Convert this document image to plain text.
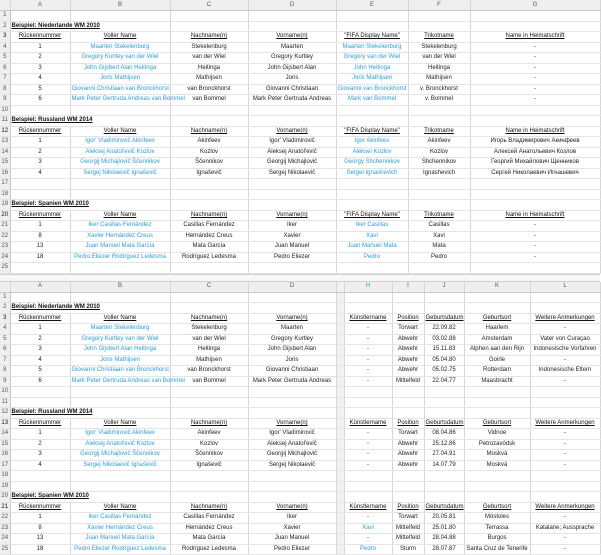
	A	B	C	D	E	F	G
1							
2	Beispiel: Niederlande WM 2010						
3	Rückennummer	Voller Name	Nachname(n)	Vorname(n)	"FIFA Display Name"	Trikotname	Name in Heimatschrift
4	1	Maarten Stekelenburg	Stekelenburg	Maarten	Maarten Stekelenburg	Stekelenburg	-
5	2	Gregory Kurtley van der Wiel	van der Wiel	Gregory Kurtley	Gregory van der Wiel	van der Wiel	-
6	3	John Gijsbert Alan Heitinga	Heitinga	John Gijsbert Alan	John Heitinga	Heitinga	-
7	4	Joris Mathijsen	Mathijsen	Joris	Joris Mathijsen	Mathijsen	-
8	5	Giovanni Christiaan van Bronckhorst	van Bronckhorst	Giovanni Christiaan	Giovanni van Bronckhorst	v. Bronckhorst	-
9	6	Mark Peter Gertruda Andreas van Bommel	van Bommel	Mark Peter Gertruda Andreas	Mark van Bommel	v. Bommel	-
10							
11	Beispiel: Russland WM 2014						
12	Rückennummer	Voller Name	Nachname(n)	Vorname(n)	"FIFA Display Name"	Trikotname	Name in Heimatschrift
13	1	Igor' Vladimirovič Akinfeev	Akinfeev	Igor' Vladimirovič	Igor Akinfeev	Akinfeev	Игорь Владимирович Акинфеев
14	2	Aleksej Anatol'evič Kozlov	Kozlov	Aleksej Anatol'evič	Aleksei Kozlov	Kozlov	Алексей Анатольевич Козлов
15	3	Georgij Michajlovič Ščennikov	Ščennikov	Georgij Michajlovič	Georgy Shchennikov	Shchennikov	Георгий Михайлович Щенников
16	4	Sergej Nikolaevič Ignaševič	Ignaševič	Sergej Nikolaevič	Sergei Ignashevich	Ignashevich	Сергей Николаевич Игнашевич
17							
18							
19	Beispiel: Spanien WM 2010						
20	Rückennummer	Voller Name	Nachname(n)	Vorname(n)	"FIFA Display Name"	Trikotname	Name in Heimatschrift
21	1	Iker Casillas Fernández	Casillas Fernández	Iker	Iker Casillas	Casillas	-
22	8	Xavier Hernández Creus	Hernández Creus	Xavier	Xavi	Xavi	-
23	13	Juan Manuel Mata García	Mata García	Juan Manuel	Juan Manuel Mata	Mata	-
24	18	Pedro Eliezer Rodríguez Ledesma	Rodríguez Ledesma	Pedro Eliezer	Pedro	Pedro	-
25							
	A	B	C	D		H	I	J	K	L
1										
2	Beispiel: Niederlande WM 2010									
3	Rückennummer	Voller Name	Nachname(n)	Vorname(n)		Künstlername	Position	Geburtsdatum	Geburtsort	Weitere Anmerkungen
4	1	Maarten Stekelenburg	Stekelenburg	Maarten		-	Torwart	22.09.82	Haarlem	-
5	2	Gregory Kurtley van der Wiel	van der Wiel	Gregory Kurtley		-	Abwehr	03.02.88	Amsterdam	Vater von Curaçao
6	3	John Gijsbert Alan Heitinga	Heitinga	John Gijsbert Alan		-	Abwehr	15.11.83	Alphen aan den Rijn	Indonesische Vorfahren
7	4	Joris Mathijsen	Mathijsen	Joris		-	Abwehr	05.04.80	Goirle	-
8	5	Giovanni Christiaan van Bronckhorst	van Bronckhorst	Giovanni Christiaan		-	Abwehr	05.02.75	Rotterdam	Indonesische Eltern
9	6	Mark Peter Gertruda Andreas van Bommel	van Bommel	Mark Peter Gertruda Andreas		-	Mittelfeld	22.04.77	Maasbracht	-
10										
11										
12	Beispiel: Russland WM 2014									
13	Rückennummer	Voller Name	Nachname(n)	Vorname(n)		Künstlername	Position	Geburtsdatum	Geburtsort	Weitere Anmerkungen
14	1	Igor' Vladimirovič Akinfeev	Akinfeev	Igor' Vladimirovič		-	Torwart	08.04.86	Vidnoe	-
15	2	Aleksej Anatol'evič Kozlov	Kozlov	Aleksej Anatol'evič		-	Abwehr	25.12.86	Petrozavódsk	-
16	3	Georgij Michajlovič Ščennikov	Ščennikov	Georgij Michajlovič		-	Abwehr	27.04.91	Moskvá	-
17	4	Sergej Nikolaevič Ignaševič	Ignaševič	Sergej Nikolaevič		-	Abwehr	14.07.79	Moskvá	-
18										
19										
20	Beispiel: Spanien WM 2010									
21	Rückennummer	Voller Name	Nachname(n)	Vorname(n)		Künstlername	Position	Geburtsdatum	Geburtsort	Weitere Anmerkungen
22	1	Iker Casillas Fernández	Casillas Fernández	Iker		-	Torwart	20.05.81	Móstoles	-
23	8	Xavier Hernández Creus	Hernández Creus	Xavier		Xavi	Mittelfeld	25.01.80	Terrassa	Katalane; Aussprache
24	13	Juan Manuel Mata García	Mata García	Juan Manuel		-	Mittelfeld	28.04.88	Burgos	-
25	18	Pedro Eliezer Rodríguez Ledesma	Rodríguez Ledesma	Pedro Eliezer		Pedro	Sturm	28.07.87	Santa Cruz de Tenerife	-
